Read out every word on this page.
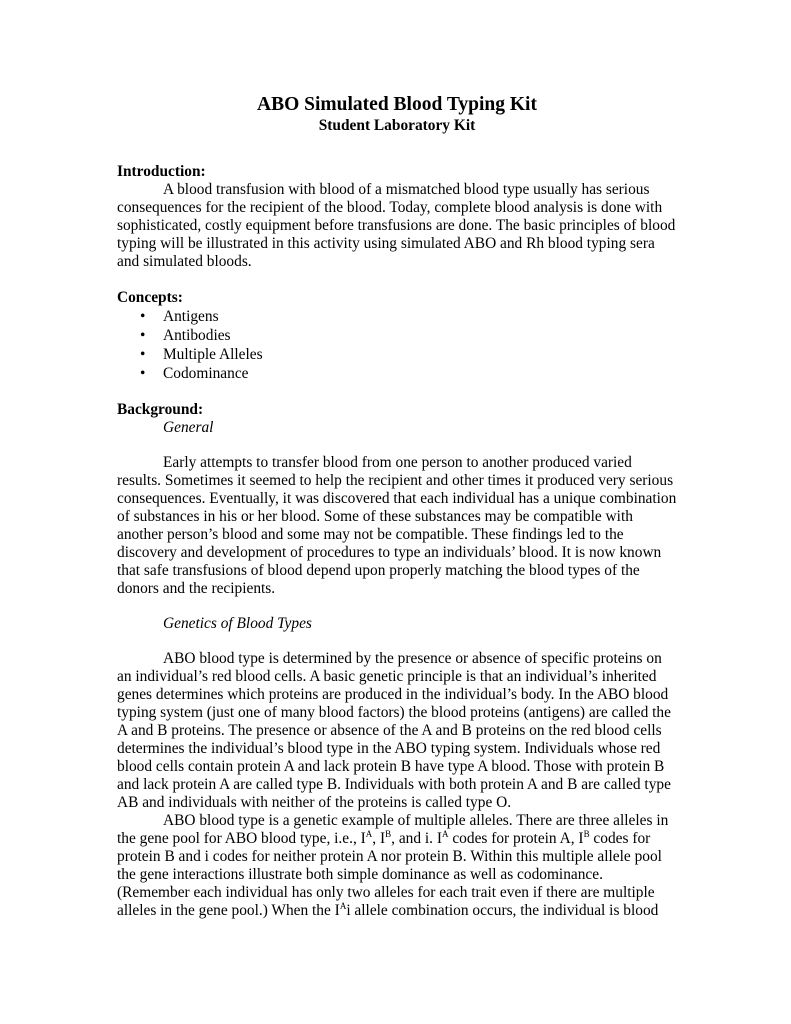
ABO Simulated Blood Typing Kit
Student Laboratory Kit
Introduction:

A blood transfusion with blood of a mismatched blood type usually has serious consequences for the recipient of the blood. Today, complete blood analysis is done with sophisticated, costly equipment before transfusions are done. The basic principles of blood typing will be illustrated in this activity using simulated ABO and Rh blood typing sera and simulated bloods.

Concepts:
• Antigens
• Antibodies
• Multiple Alleles
• Codominance
Background:
General

Early attempts to transfer blood from one person to another produced varied results. Sometimes it seemed to help the recipient and other times it produced very serious consequences. Eventually, it was discovered that each individual has a unique combination of substances in his or her blood. Some of these substances may be compatible with another person’s blood and some may not be compatible. These findings led to the discovery and development of procedures to type an individuals’ blood. It is now known that safe transfusions of blood depend upon properly matching the blood types of the donors and the recipients.

Genetics of Blood Types

ABO blood type is determined by the presence or absence of specific proteins on an individual’s red blood cells. A basic genetic principle is that an individual’s inherited genes determines which proteins are produced in the individual’s body. In the ABO blood typing system (just one of many blood factors) the blood proteins (antigens) are called the A and B proteins. The presence or absence of the A and B proteins on the red blood cells determines the individual’s blood type in the ABO typing system. Individuals whose red blood cells contain protein A and lack protein B have type A blood. Those with protein B and lack protein A are called type B. Individuals with both protein A and B are called type AB and individuals with neither of the proteins is called type O.

ABO blood type is a genetic example of multiple alleles. There are three alleles in the gene pool for ABO blood type, i.e., $I^A$, $I^B$, and i. $I^A$ codes for protein A, $I^B$ codes for protein B and i codes for neither protein A nor protein B. Within this multiple allele pool the gene interactions illustrate both simple dominance as well as codominance. (Remember each individual has only two alleles for each trait even if there are multiple alleles in the gene pool.) When the $I^Ai$ allele combination occurs, the individual is blood
